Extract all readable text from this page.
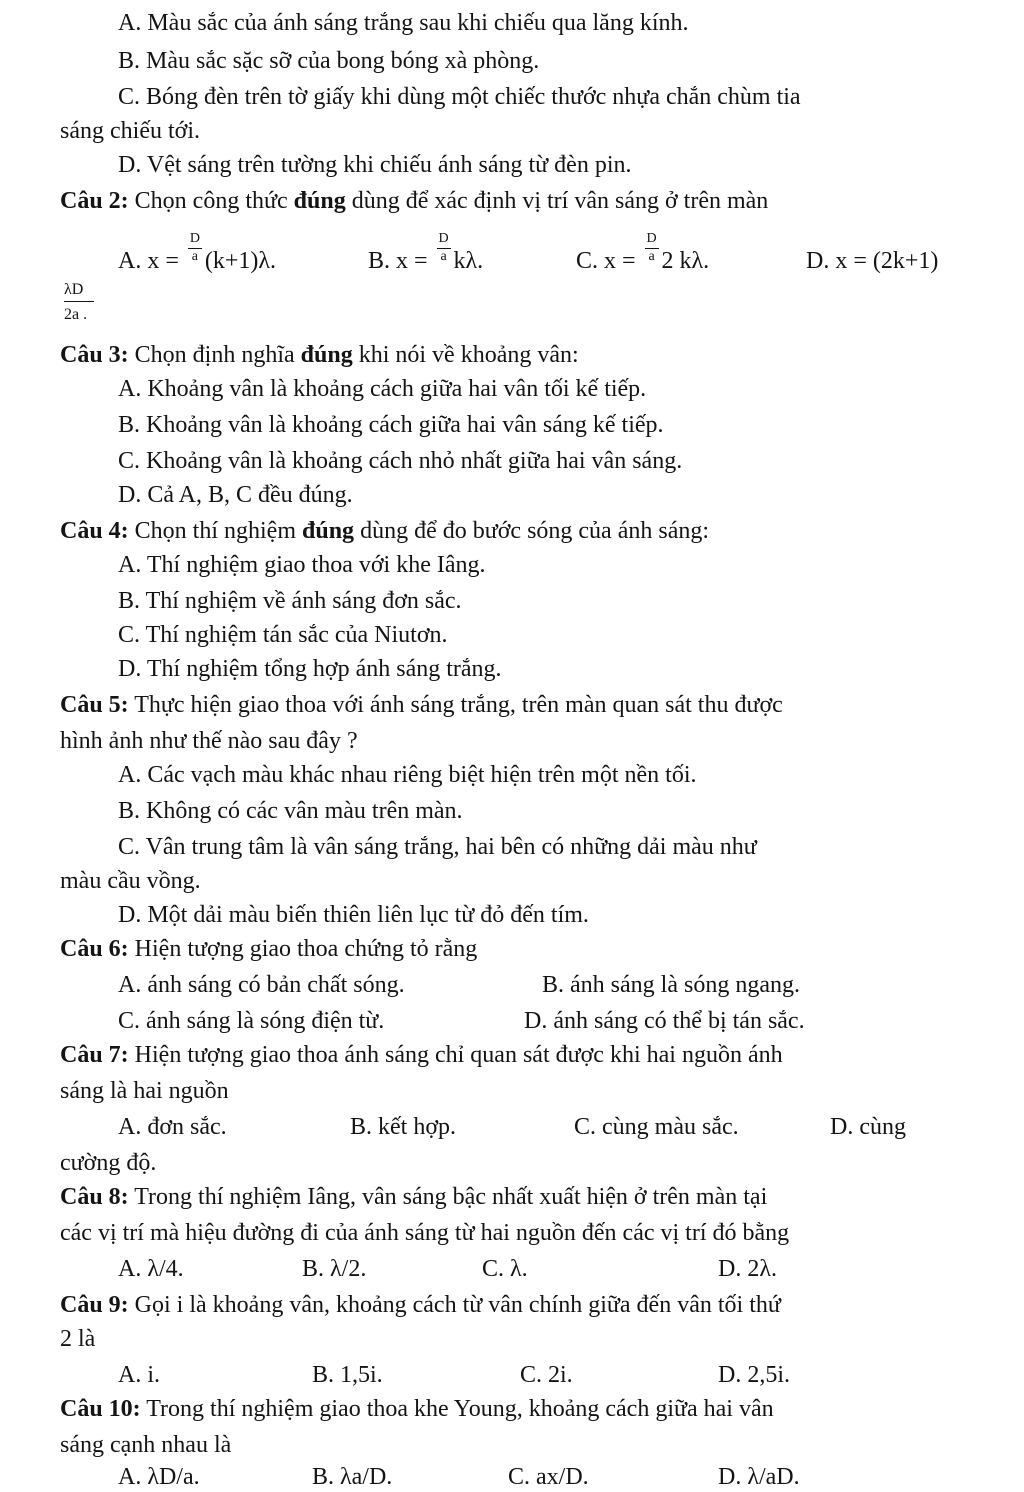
A. Màu sắc của ánh sáng trắng sau khi chiếu qua lăng kính.
B. Màu sắc sặc sỡ của bong bóng xà phòng.
C. Bóng đèn trên tờ giấy khi dùng một chiếc thước nhựa chắn chùm tia
sáng chiếu tới.
D. Vệt sáng trên tường khi chiếu ánh sáng từ đèn pin.
Câu 2: Chọn công thức đúng dùng để xác định vị trí vân sáng ở trên màn
A. $x = \frac{D}{a} (k+1)\lambda$.	B. $x = \frac{D}{a} k\lambda$.	C. $x = \frac{D}{a} 2$ kλ.	D. x = (2k+1)
λD
2a .
Câu 3: Chọn định nghĩa đúng khi nói về khoảng vân:
A. Khoảng vân là khoảng cách giữa hai vân tối kế tiếp.
B. Khoảng vân là khoảng cách giữa hai vân sáng kế tiếp.
C. Khoảng vân là khoảng cách nhỏ nhất giữa hai vân sáng.
D. Cả A, B, C đều đúng.
Câu 4: Chọn thí nghiệm đúng dùng để đo bước sóng của ánh sáng:
A. Thí nghiệm giao thoa với khe Iâng.
B. Thí nghiệm về ánh sáng đơn sắc.
C. Thí nghiệm tán sắc của Niutơn.
D. Thí nghiệm tổng hợp ánh sáng trắng.
Câu 5: Thực hiện giao thoa với ánh sáng trắng, trên màn quan sát thu được
hình ảnh như thế nào sau đây ?
A. Các vạch màu khác nhau riêng biệt hiện trên một nền tối.
B. Không có các vân màu trên màn.
C. Vân trung tâm là vân sáng trắng, hai bên có những dải màu như
màu cầu vồng.
D. Một dải màu biến thiên liên lục từ đỏ đến tím.
Câu 6: Hiện tượng giao thoa chứng tỏ rằng
A. ánh sáng có bản chất sóng.	B. ánh sáng là sóng ngang.
C. ánh sáng là sóng điện từ.	D. ánh sáng có thể bị tán sắc.
Câu 7: Hiện tượng giao thoa ánh sáng chỉ quan sát được khi hai nguồn ánh
sáng là hai nguồn
A. đơn sắc.	B. kết hợp.	C. cùng màu sắc.	D. cùng
cường độ.
Câu 8: Trong thí nghiệm Iâng, vân sáng bậc nhất xuất hiện ở trên màn tại
các vị trí mà hiệu đường đi của ánh sáng từ hai nguồn đến các vị trí đó bằng
A. λ/4.	B. λ/2.	C. λ.	D. 2λ.
Câu 9: Gọi i là khoảng vân, khoảng cách từ vân chính giữa đến vân tối thứ
2 là
A. i.	B. 1,5i.	C. 2i.	D. 2,5i.
Câu 10: Trong thí nghiệm giao thoa khe Young, khoảng cách giữa hai vân
sáng cạnh nhau là
A. λD/a.	B. λa/D.	C. ax/D.	D. λ/aD.
